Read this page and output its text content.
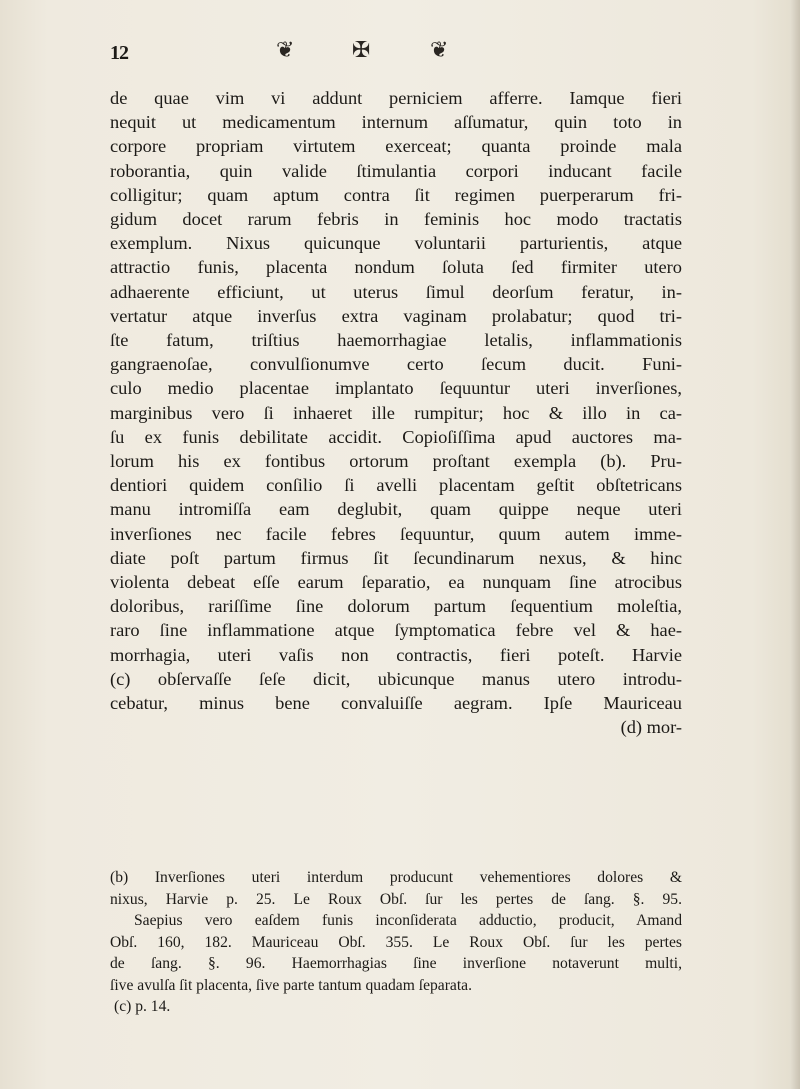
12	❦	✠	❦
de quae vim vi addunt perniciem afferre. Iamque fieri
nequit ut medicamentum internum aſſumatur, quin toto in
corpore propriam virtutem exerceat; quanta proinde mala
roborantia, quin valide ſtimulantia corpori inducant facile
colligitur; quam aptum contra ſit regimen puerperarum fri-
gidum docet rarum febris in feminis hoc modo tractatis
exemplum. Nixus quicunque voluntarii parturientis, atque
attractio funis, placenta nondum ſoluta ſed firmiter utero
adhaerente efficiunt, ut uterus ſimul deorſum feratur, in-
vertatur atque inverſus extra vaginam prolabatur; quod tri-
ſte fatum, triſtius haemorrhagiae letalis, inflammationis
gangraenoſae, convulſionumve certo ſecum ducit. Funi-
culo medio placentae implantato ſequuntur uteri inverſiones,
marginibus vero ſi inhaeret ille rumpitur; hoc & illo in ca-
ſu ex funis debilitate accidit. Copioſiſſima apud auctores ma-
lorum his ex fontibus ortorum proſtant exempla (b). Pru-
dentiori quidem conſilio ſi avelli placentam geſtit obſtetricans
manu intromiſſa eam deglubit, quam quippe neque uteri
inverſiones nec facile febres ſequuntur, quum autem imme-
diate poſt partum firmus ſit ſecundinarum nexus, & hinc
violenta debeat eſſe earum ſeparatio, ea nunquam ſine atrocibus
doloribus, rariſſime ſine dolorum partum ſequentium moleſtia,
raro ſine inflammatione atque ſymptomatica febre vel & hae-
morrhagia, uteri vaſis non contractis, fieri poteſt. Harvie
(c) obſervaſſe ſeſe dicit, ubicunque manus utero introdu-
cebatur, minus bene convaluiſſe aegram. Ipſe Mauriceau
(d) mor-
(b) Inverſiones uteri interdum producunt vehementiores dolores &
nixus, Harvie p. 25. Le Roux Obſ. ſur les pertes de ſang. §. 95.
Saepius vero eaſdem funis inconſiderata adductio, producit, Amand
Obſ. 160, 182. Mauriceau Obſ. 355. Le Roux Obſ. ſur les pertes
de ſang. §. 96. Haemorrhagias ſine inverſione notaverunt multi,
ſive avulſa ſit placenta, ſive parte tantum quadam ſeparata.
(c) p. 14.
